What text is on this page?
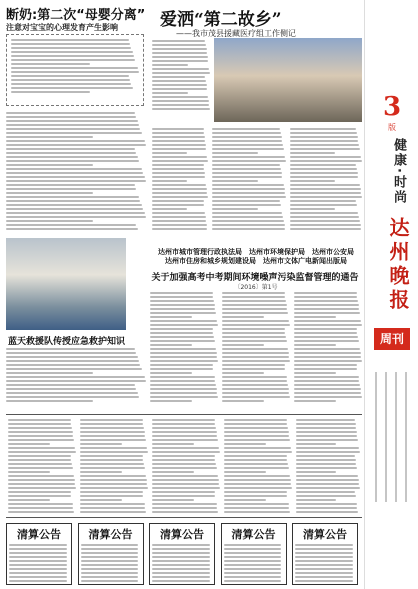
3
版
健康·时尚
达州晚报
周刊
断奶:第二次“母婴分离”
注意对宝宝的心理发育产生影响	爱洒“第二故乡”
——我市茂县援藏医疗组工作侧记
蓝天救援队传授应急救护知识
达州市城市管理行政执法局　达州市环境保护局　达州市公安局
达州市住房和城乡规划建设局　达州市文体广电新闻出版局
关于加强高考中考期间环境噪声污染监督管理的通告
〔2016〕第1号
清算公告	清算公告	清算公告	清算公告	清算公告
